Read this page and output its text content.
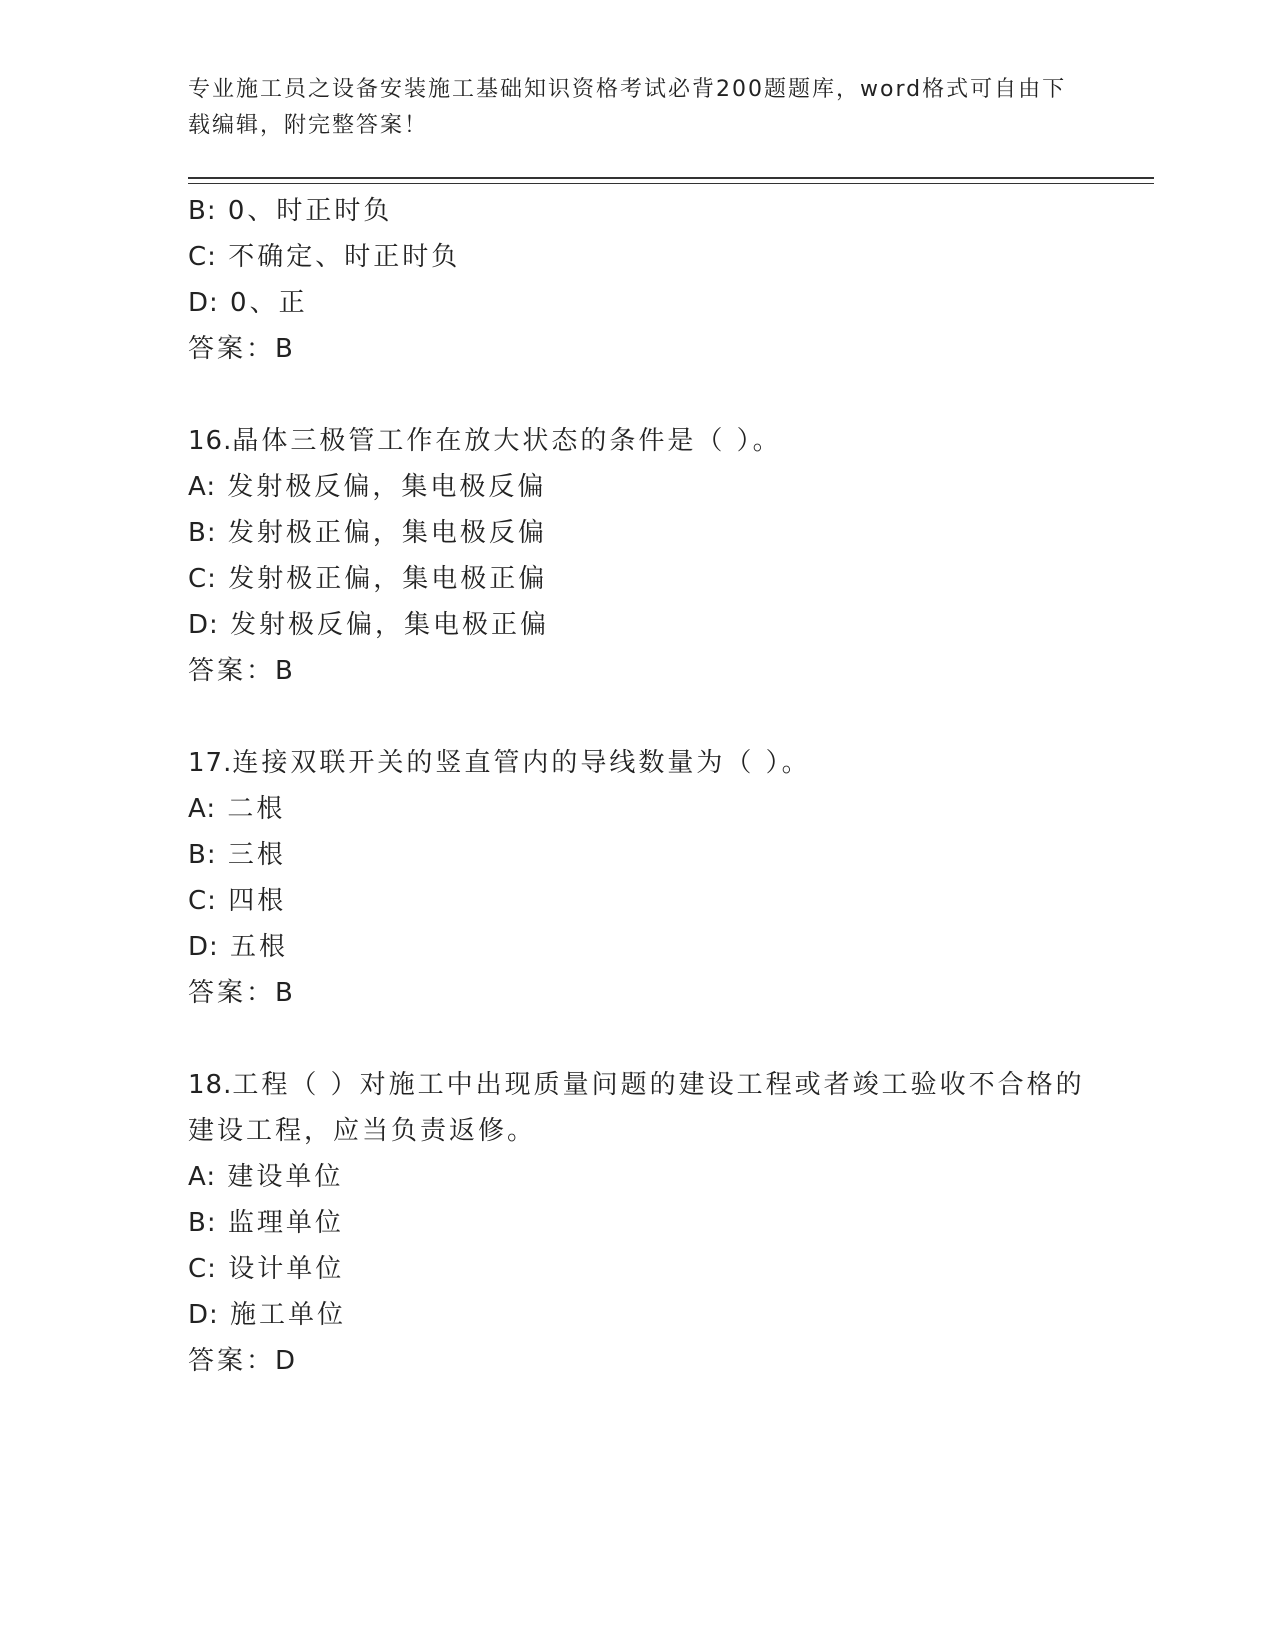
专业施工员之设备安装施工基础知识资格考试必背200题题库，word格式可自由下载编辑，附完整答案！
B: 0、时正时负
C: 不确定、时正时负
D: 0、正
答案：B
16.晶体三极管工作在放大状态的条件是（ ）。
A: 发射极反偏，集电极反偏
B: 发射极正偏，集电极反偏
C: 发射极正偏，集电极正偏
D: 发射极反偏，集电极正偏
答案：B
17.连接双联开关的竖直管内的导线数量为（ ）。
A: 二根
B: 三根
C: 四根
D: 五根
答案：B
18.工程（ ）对施工中出现质量问题的建设工程或者竣工验收不合格的建设工程，应当负责返修。
A: 建设单位
B: 监理单位
C: 设计单位
D: 施工单位
答案：D
